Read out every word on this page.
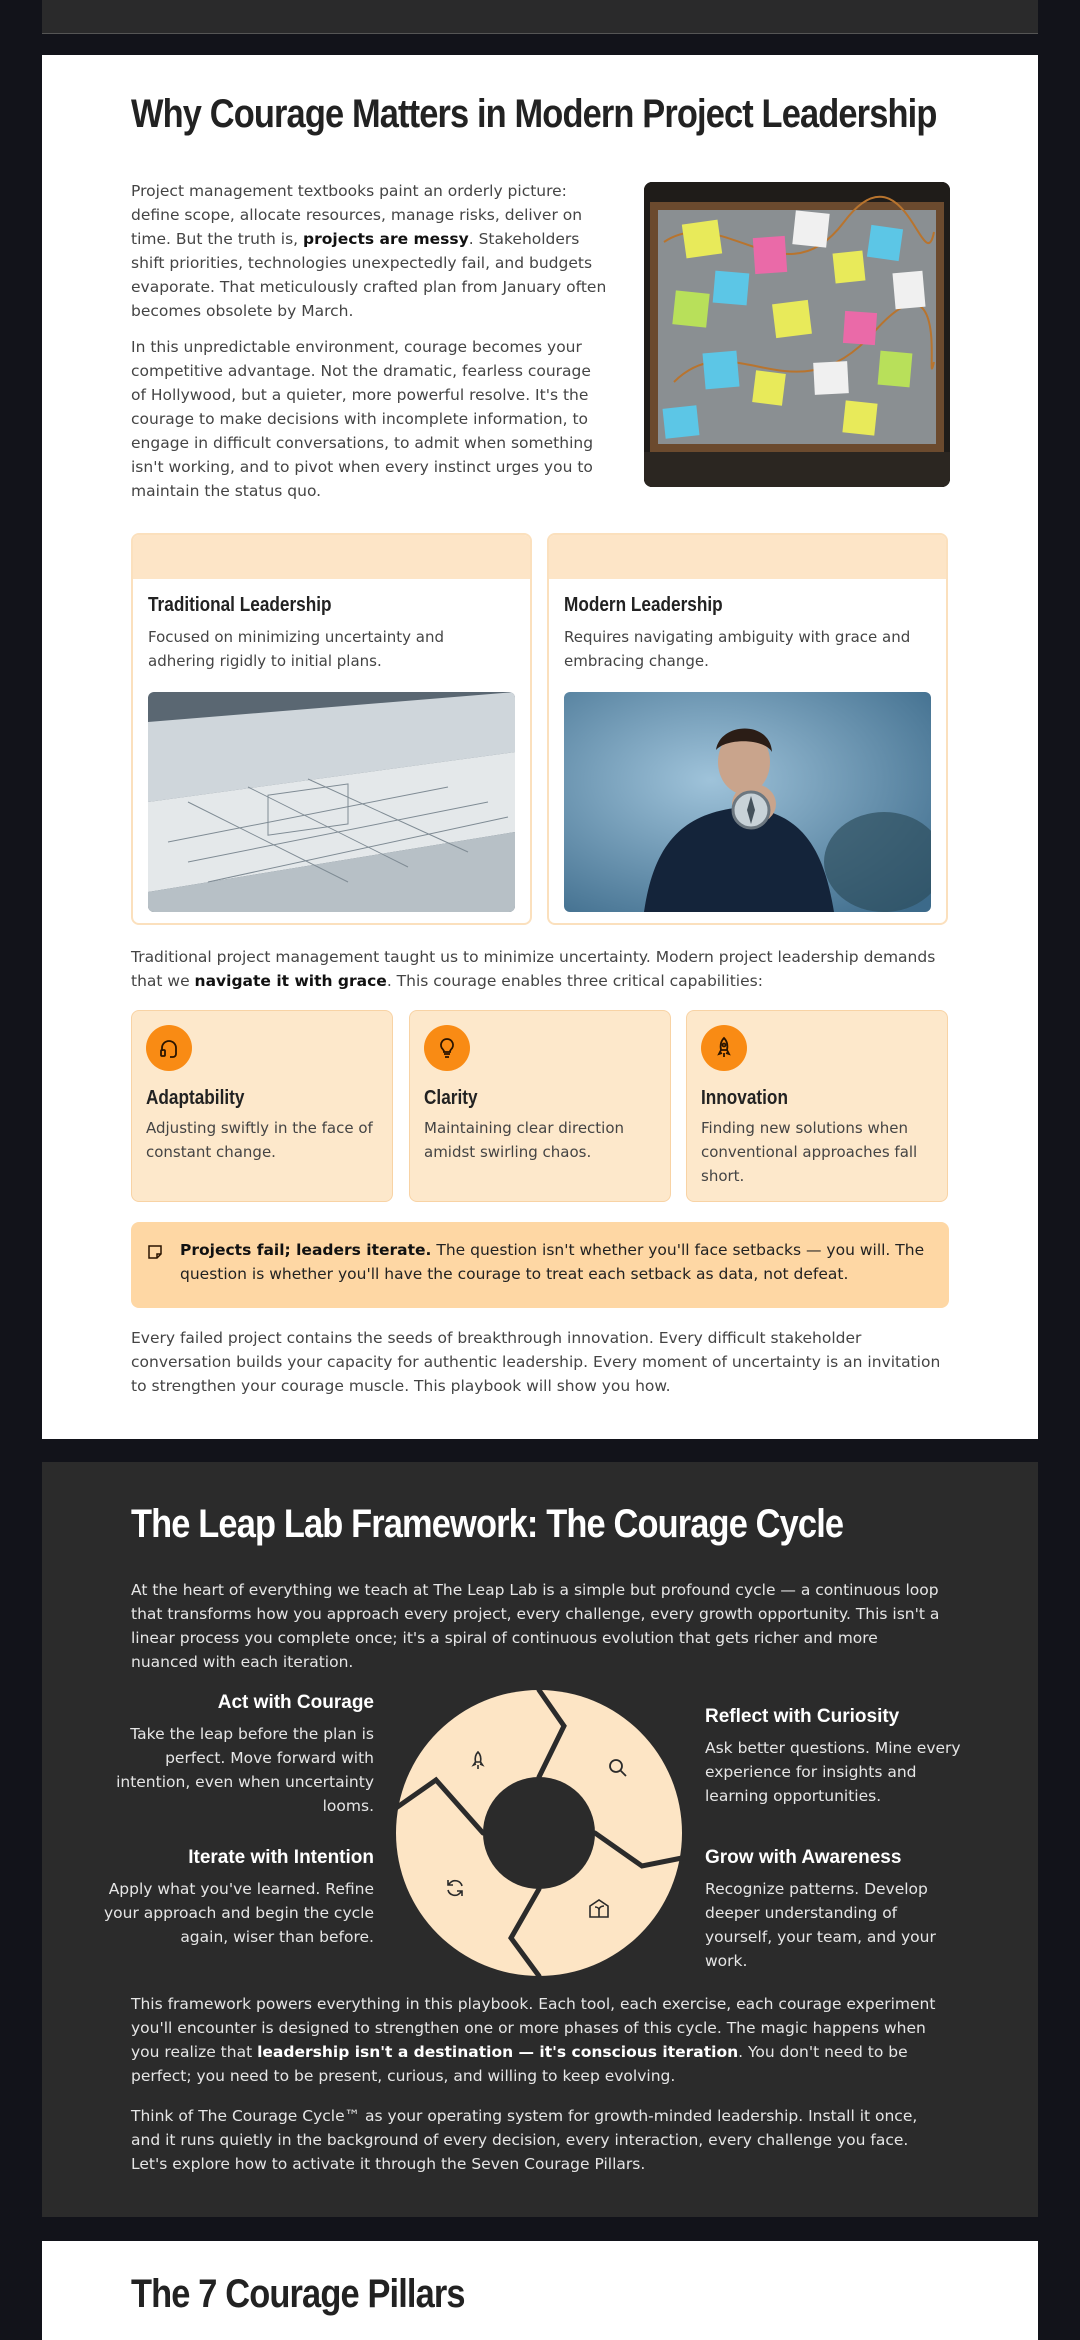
Why Courage Matters in Modern Project Leadership

Project management textbooks paint an orderly picture: define scope, allocate resources, manage risks, deliver on time. But the truth is, projects are messy. Stakeholders shift priorities, technologies unexpectedly fail, and budgets evaporate. That meticulously crafted plan from January often becomes obsolete by March.

In this unpredictable environment, courage becomes your competitive advantage. Not the dramatic, fearless courage of Hollywood, but a quieter, more powerful resolve. It's the courage to make decisions with incomplete information, to engage in difficult conversations, to admit when something isn't working, and to pivot when every instinct urges you to maintain the status quo.

Traditional Leadership

Focused on minimizing uncertainty and adhering rigidly to initial plans.

Modern Leadership

Requires navigating ambiguity with grace and embracing change.

Traditional project management taught us to minimize uncertainty. Modern project leadership demands that we navigate it with grace. This courage enables three critical capabilities:

Adaptability

Adjusting swiftly in the face of constant change.

Clarity

Maintaining clear direction amidst swirling chaos.

Innovation

Finding new solutions when conventional approaches fall short.

Projects fail; leaders iterate. The question isn't whether you'll face setbacks — you will. The question is whether you'll have the courage to treat each setback as data, not defeat.

Every failed project contains the seeds of breakthrough innovation. Every difficult stakeholder conversation builds your capacity for authentic leadership. Every moment of uncertainty is an invitation to strengthen your courage muscle. This playbook will show you how.

The Leap Lab Framework: The Courage Cycle

At the heart of everything we teach at The Leap Lab is a simple but profound cycle — a continuous loop that transforms how you approach every project, every challenge, every growth opportunity. This isn't a linear process you complete once; it's a spiral of continuous evolution that gets richer and more nuanced with each iteration.

Act with Courage

Take the leap before the plan is perfect. Move forward with intention, even when uncertainty looms.

Iterate with Intention

Apply what you've learned. Refine your approach and begin the cycle again, wiser than before.

Reflect with Curiosity

Ask better questions. Mine every experience for insights and learning opportunities.

Grow with Awareness

Recognize patterns. Develop deeper understanding of yourself, your team, and your work.

This framework powers everything in this playbook. Each tool, each exercise, each courage experiment you'll encounter is designed to strengthen one or more phases of this cycle. The magic happens when you realize that leadership isn't a destination — it's conscious iteration. You don't need to be perfect; you need to be present, curious, and willing to keep evolving.

Think of The Courage Cycle™ as your operating system for growth-minded leadership. Install it once, and it runs quietly in the background of every decision, every interaction, every challenge you face. Let's explore how to activate it through the Seven Courage Pillars.

The 7 Courage Pillars
